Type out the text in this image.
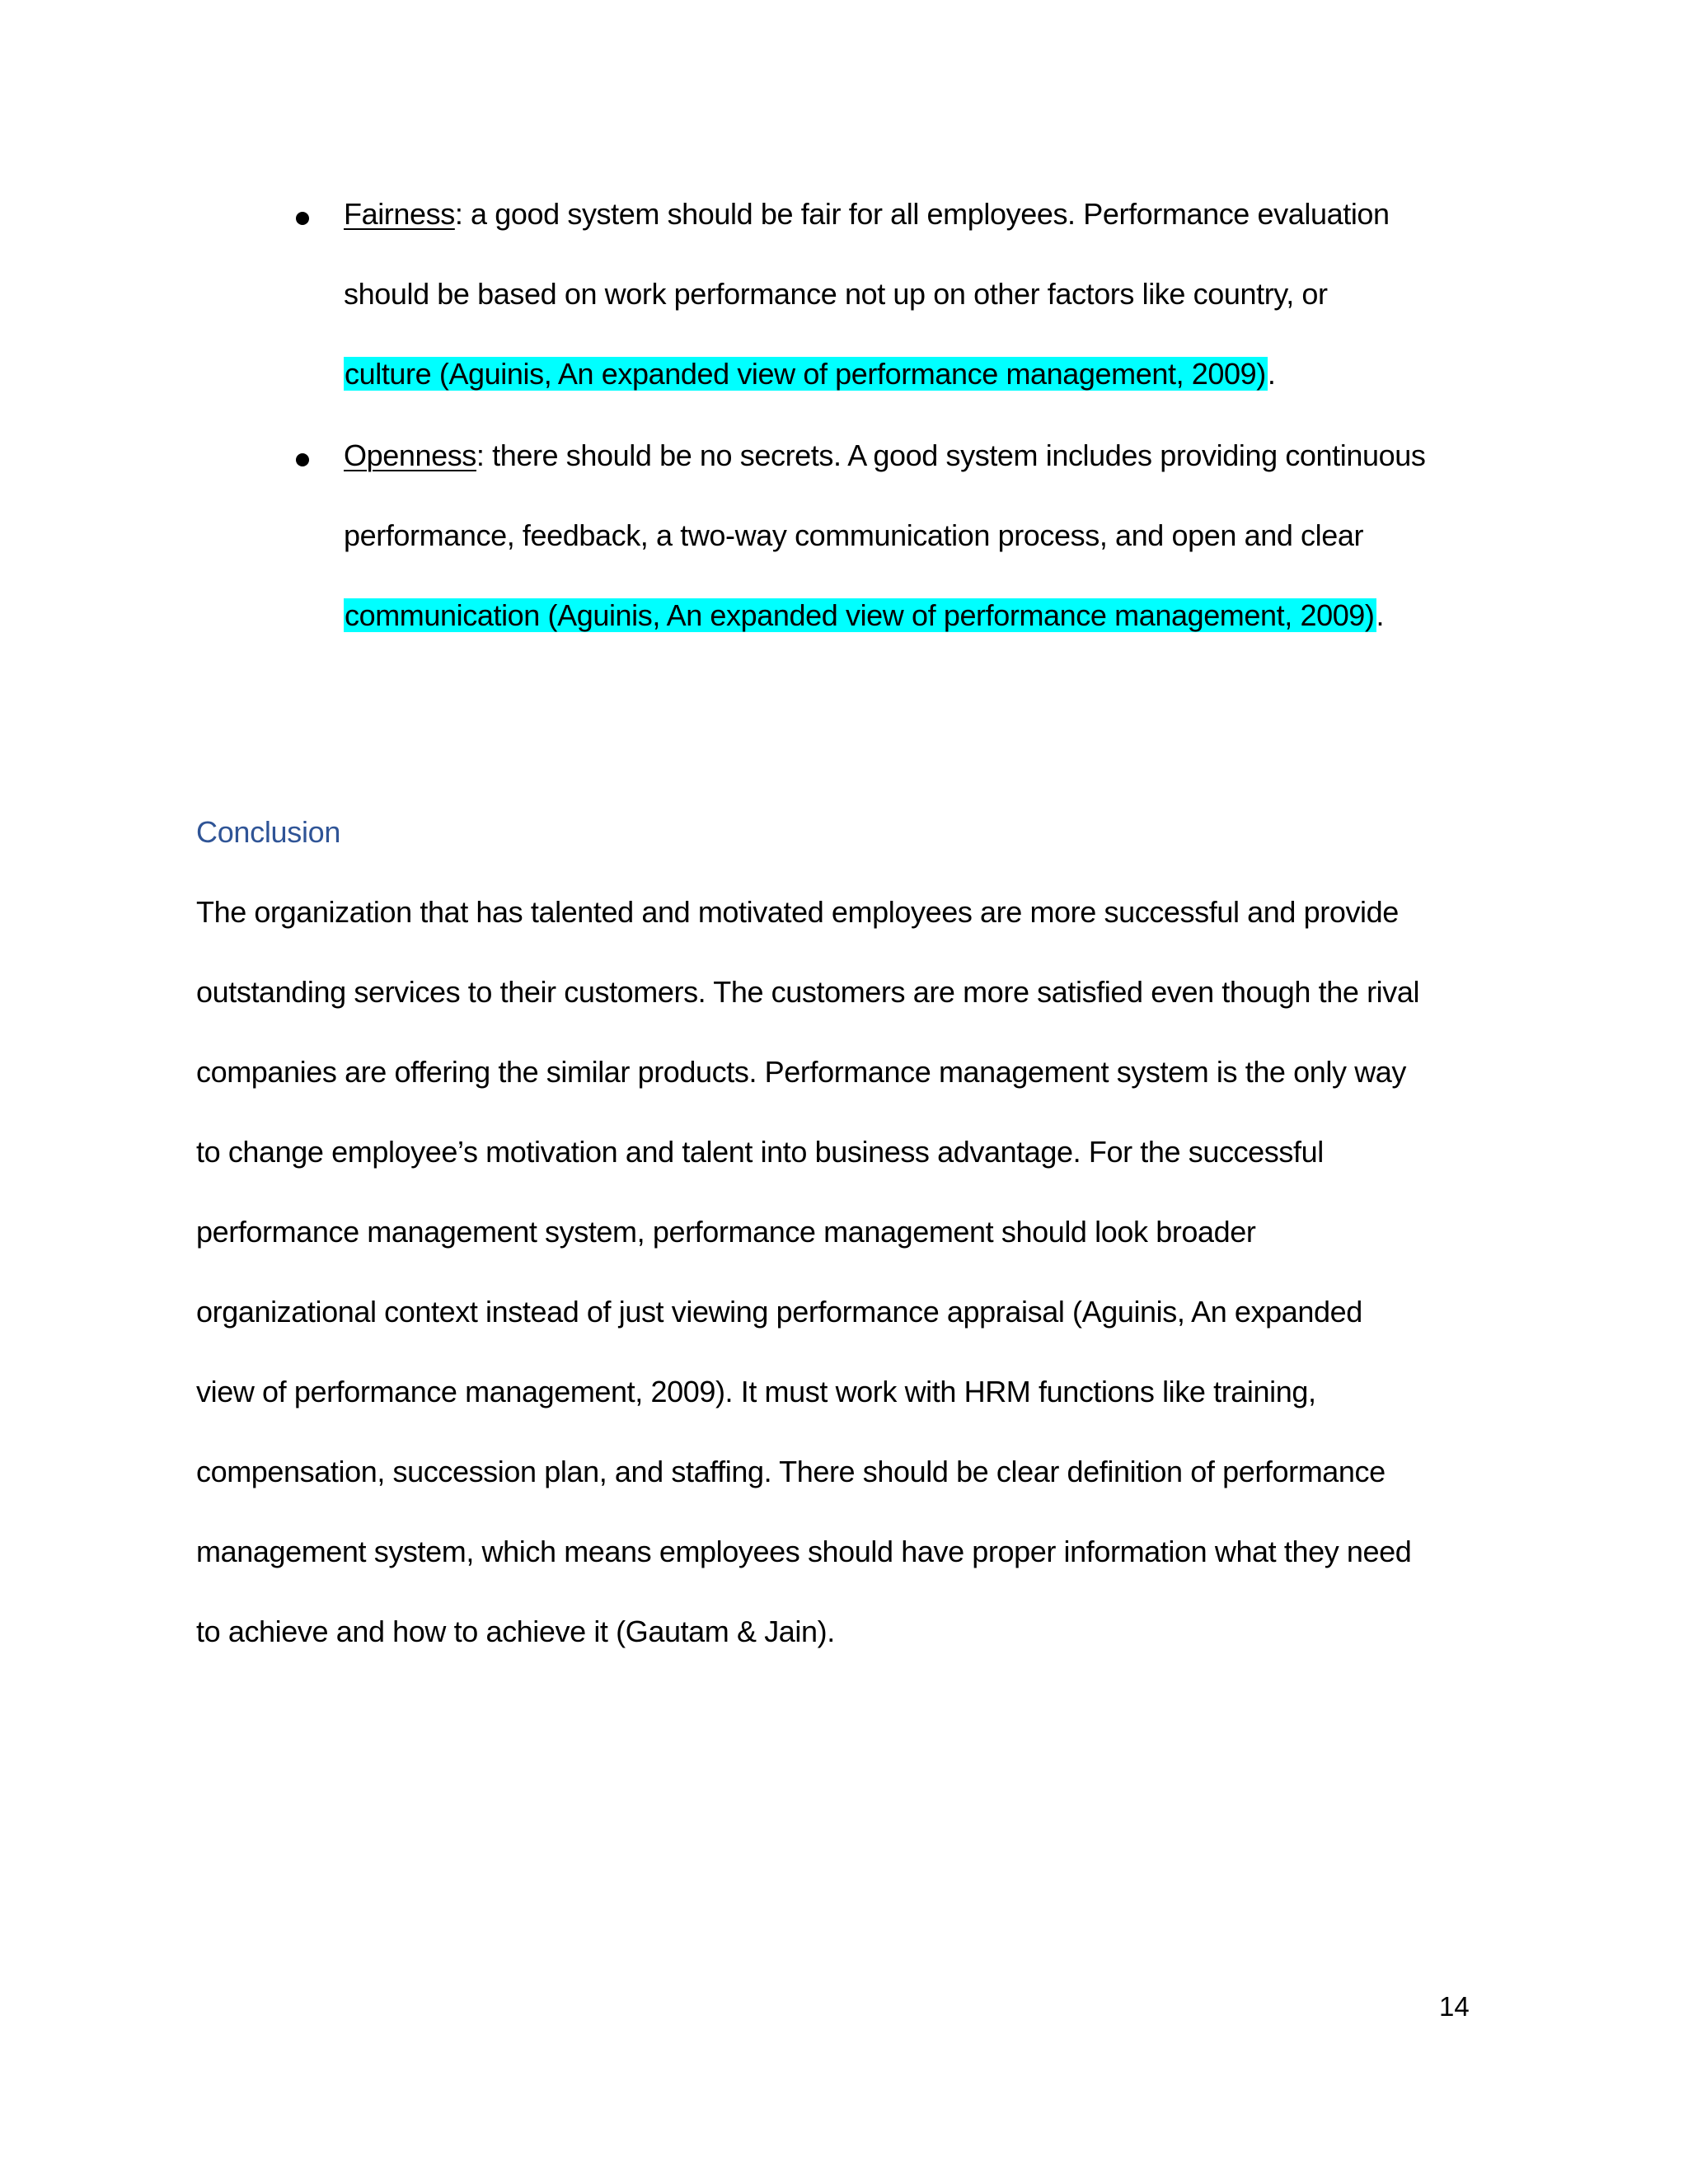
Fairness: a good system should be fair for all employees. Performance evaluation
should be based on work performance not up on other factors like country, or
culture (Aguinis, An expanded view of performance management, 2009).
Openness: there should be no secrets. A good system includes providing continuous
performance, feedback, a two-way communication process, and open and clear
communication (Aguinis, An expanded view of performance management, 2009).
Conclusion
The organization that has talented and motivated employees are more successful and provide
outstanding services to their customers. The customers are more satisfied even though the rival
companies are offering the similar products. Performance management system is the only way
to change employee’s motivation and talent into business advantage. For the successful
performance management system, performance management should look broader
organizational context instead of just viewing performance appraisal (Aguinis, An expanded
view of performance management, 2009). It must work with HRM functions like training,
compensation, succession plan, and staffing. There should be clear definition of performance
management system, which means employees should have proper information what they need
to achieve and how to achieve it (Gautam & Jain).
14
